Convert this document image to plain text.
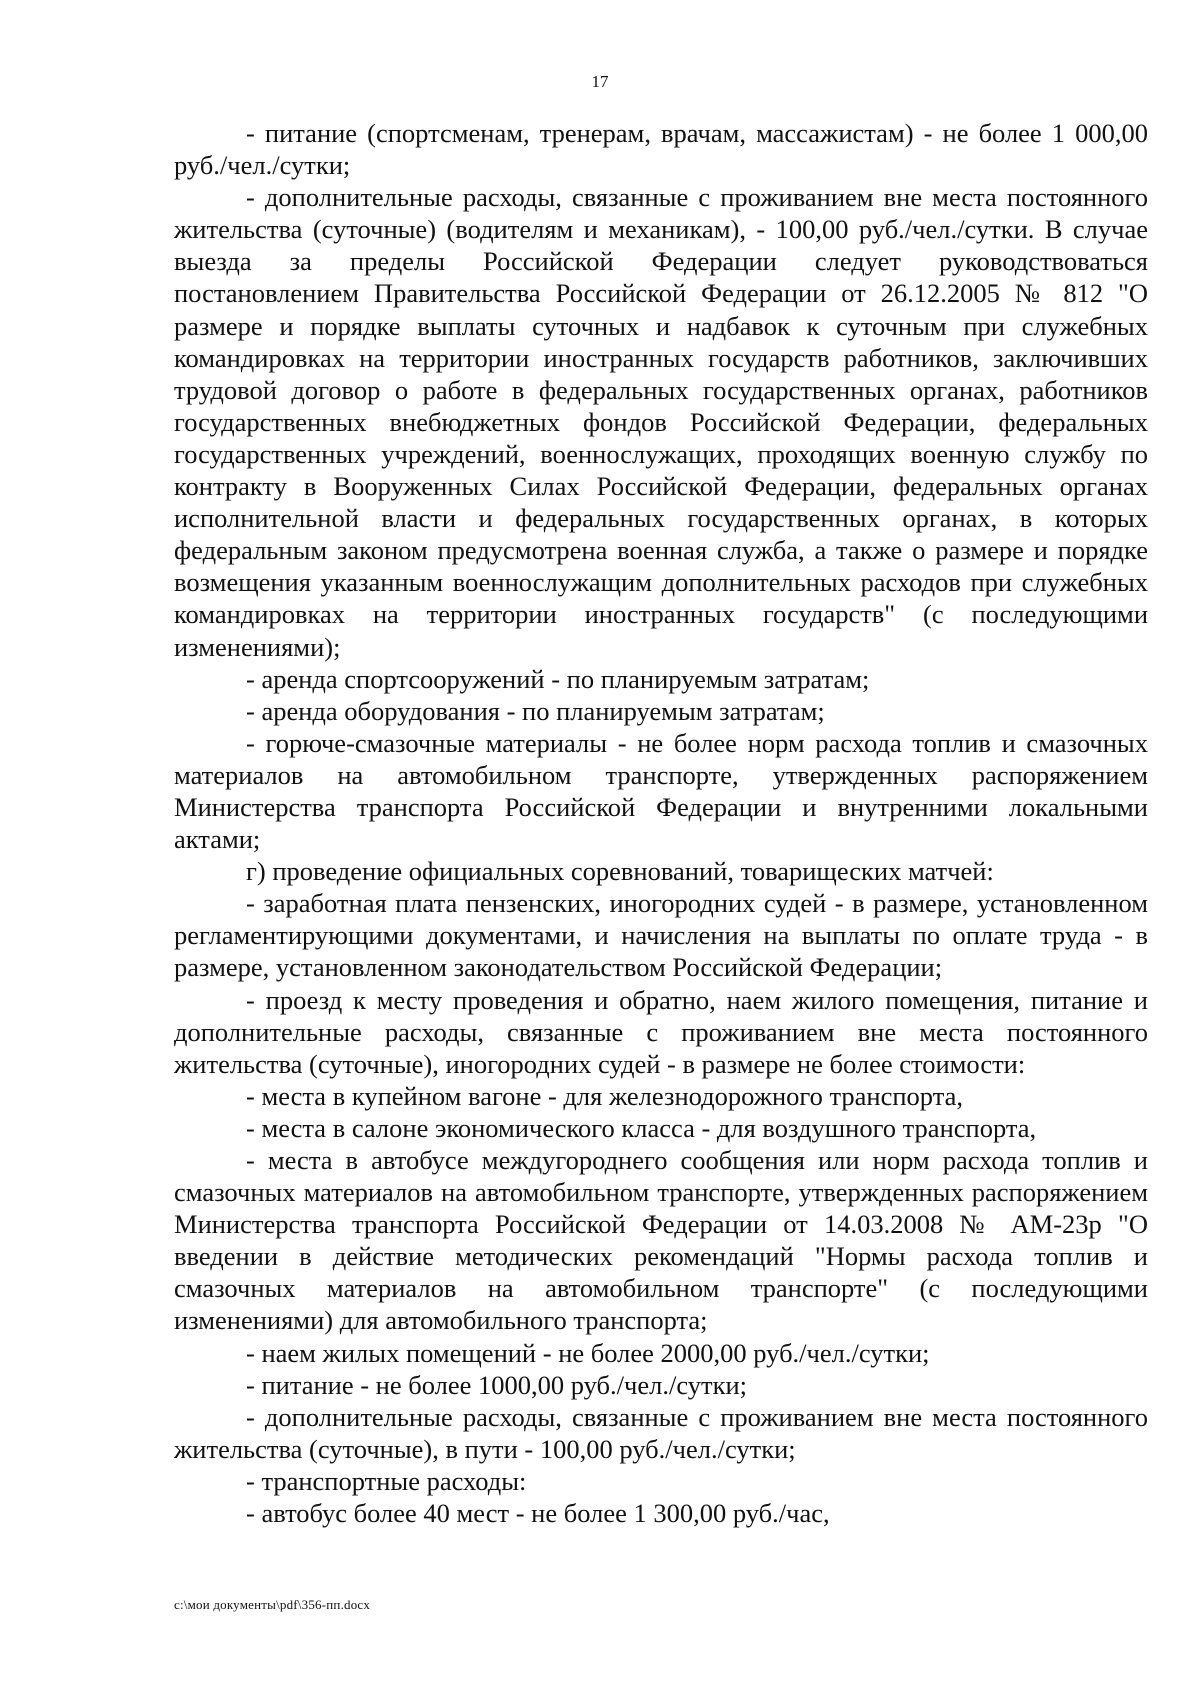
17

- питание (спортсменам, тренерам, врачам, массажистам) - не более 1 000,00 руб./чел./сутки;

- дополнительные расходы, связанные с проживанием вне места постоянного жительства (суточные) (водителям и механикам), - 100,00 руб./чел./сутки. В случае выезда за пределы Российской Федерации следует руководствоваться постановлением Правительства Российской Федерации от 26.12.2005 № 812 "О размере и порядке выплаты суточных и надбавок к суточным при служебных командировках на территории иностранных государств работников, заключивших трудовой договор о работе в федеральных государственных органах, работников государственных внебюджетных фондов Российской Федерации, федеральных государственных учреждений, военнослужащих, проходящих военную службу по контракту в Вооруженных Силах Российской Федерации, федеральных органах исполнительной власти и федеральных государственных органах, в которых федеральным законом предусмотрена военная служба, а также о размере и порядке возмещения указанным военнослужащим дополнительных расходов при служебных командировках на территории иностранных государств" (с последующими изменениями);

- аренда спортсооружений - по планируемым затратам;

- аренда оборудования - по планируемым затратам;

- горюче-смазочные материалы - не более норм расхода топлив и смазочных материалов на автомобильном транспорте, утвержденных распоряжением Министерства транспорта Российской Федерации и внутренними локальными актами;

г) проведение официальных соревнований, товарищеских матчей:

- заработная плата пензенских, иногородних судей - в размере, установленном регламентирующими документами, и начисления на выплаты по оплате труда - в размере, установленном законодательством Российской Федерации;

- проезд к месту проведения и обратно, наем жилого помещения, питание и дополнительные расходы, связанные с проживанием вне места постоянного жительства (суточные), иногородних судей - в размере не более стоимости:

- места в купейном вагоне - для железнодорожного транспорта,

- места в салоне экономического класса - для воздушного транспорта,

- места в автобусе междугороднего сообщения или норм расхода топлив и смазочных материалов на автомобильном транспорте, утвержденных распоряжением Министерства транспорта Российской Федерации от 14.03.2008 № АМ-23р "О введении в действие методических рекомендаций "Нормы расхода топлив и смазочных материалов на автомобильном транспорте" (с последующими изменениями) для автомобильного транспорта;

- наем жилых помещений - не более 2000,00 руб./чел./сутки;

- питание - не более 1000,00 руб./чел./сутки;

- дополнительные расходы, связанные с проживанием вне места постоянного жительства (суточные), в пути - 100,00 руб./чел./сутки;

- транспортные расходы:

- автобус более 40 мест - не более 1 300,00 руб./час,

c:\мои документы\pdf\356-пп.docx
